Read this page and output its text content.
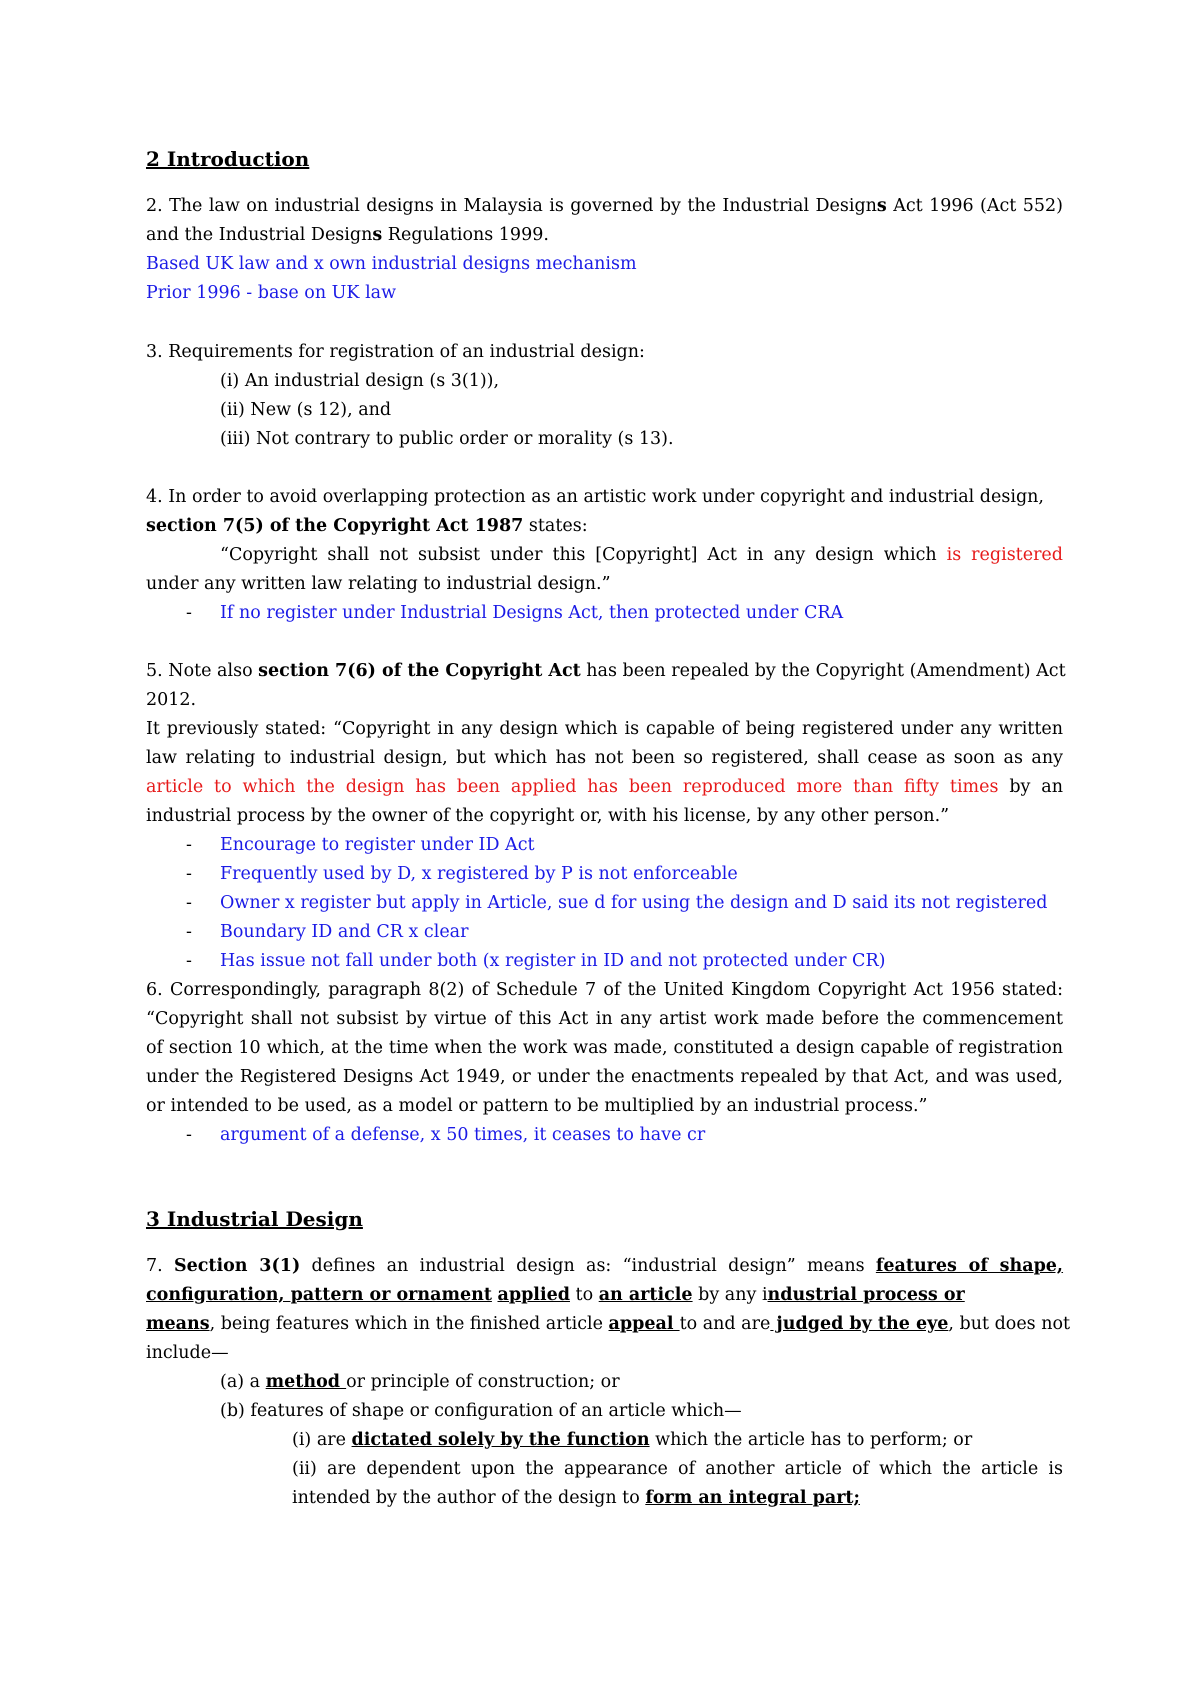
2 Introduction
2. The law on industrial designs in Malaysia is governed by the Industrial Designs Act 1996 (Act 552)
and the Industrial Designs Regulations 1999.
Based UK law and x own industrial designs mechanism
Prior 1996 - base on UK law
3. Requirements for registration of an industrial design:
(i) An industrial design (s 3(1)),
(ii) New (s 12), and
(iii) Not contrary to public order or morality (s 13).
4. In order to avoid overlapping protection as an artistic work under copyright and industrial design,
section 7(5) of the Copyright Act 1987 states:
“Copyright shall not subsist under this [Copyright] Act in any design which is registered
under any written law relating to industrial design.”
- If no register under Industrial Designs Act, then protected under CRA
5. Note also section 7(6) of the Copyright Act has been repealed by the Copyright (Amendment) Act
2012.
It previously stated: “Copyright in any design which is capable of being registered under any written
law relating to industrial design, but which has not been so registered, shall cease as soon as any
article to which the design has been applied has been reproduced more than fifty times by an
industrial process by the owner of the copyright or, with his license, by any other person.”
- Encourage to register under ID Act
- Frequently used by D, x registered by P is not enforceable
- Owner x register but apply in Article, sue d for using the design and D said its not registered
- Boundary ID and CR x clear
- Has issue not fall under both (x register in ID and not protected under CR)
6. Correspondingly, paragraph 8(2) of Schedule 7 of the United Kingdom Copyright Act 1956 stated:
“Copyright shall not subsist by virtue of this Act in any artist work made before the commencement
of section 10 which, at the time when the work was made, constituted a design capable of registration
under the Registered Designs Act 1949, or under the enactments repealed by that Act, and was used,
or intended to be used, as a model or pattern to be multiplied by an industrial process.”
- argument of a defense, x 50 times, it ceases to have cr
3 Industrial Design
7. Section 3(1) defines an industrial design as: “industrial design” means features of shape,
configuration, pattern or ornament applied to an article by any industrial process or
means, being features which in the finished article appeal to and are judged by the eye, but does not
include—
(a) a method or principle of construction; or
(b) features of shape or configuration of an article which—
(i) are dictated solely by the function which the article has to perform; or
(ii) are dependent upon the appearance of another article of which the article is
intended by the author of the design to form an integral part;
